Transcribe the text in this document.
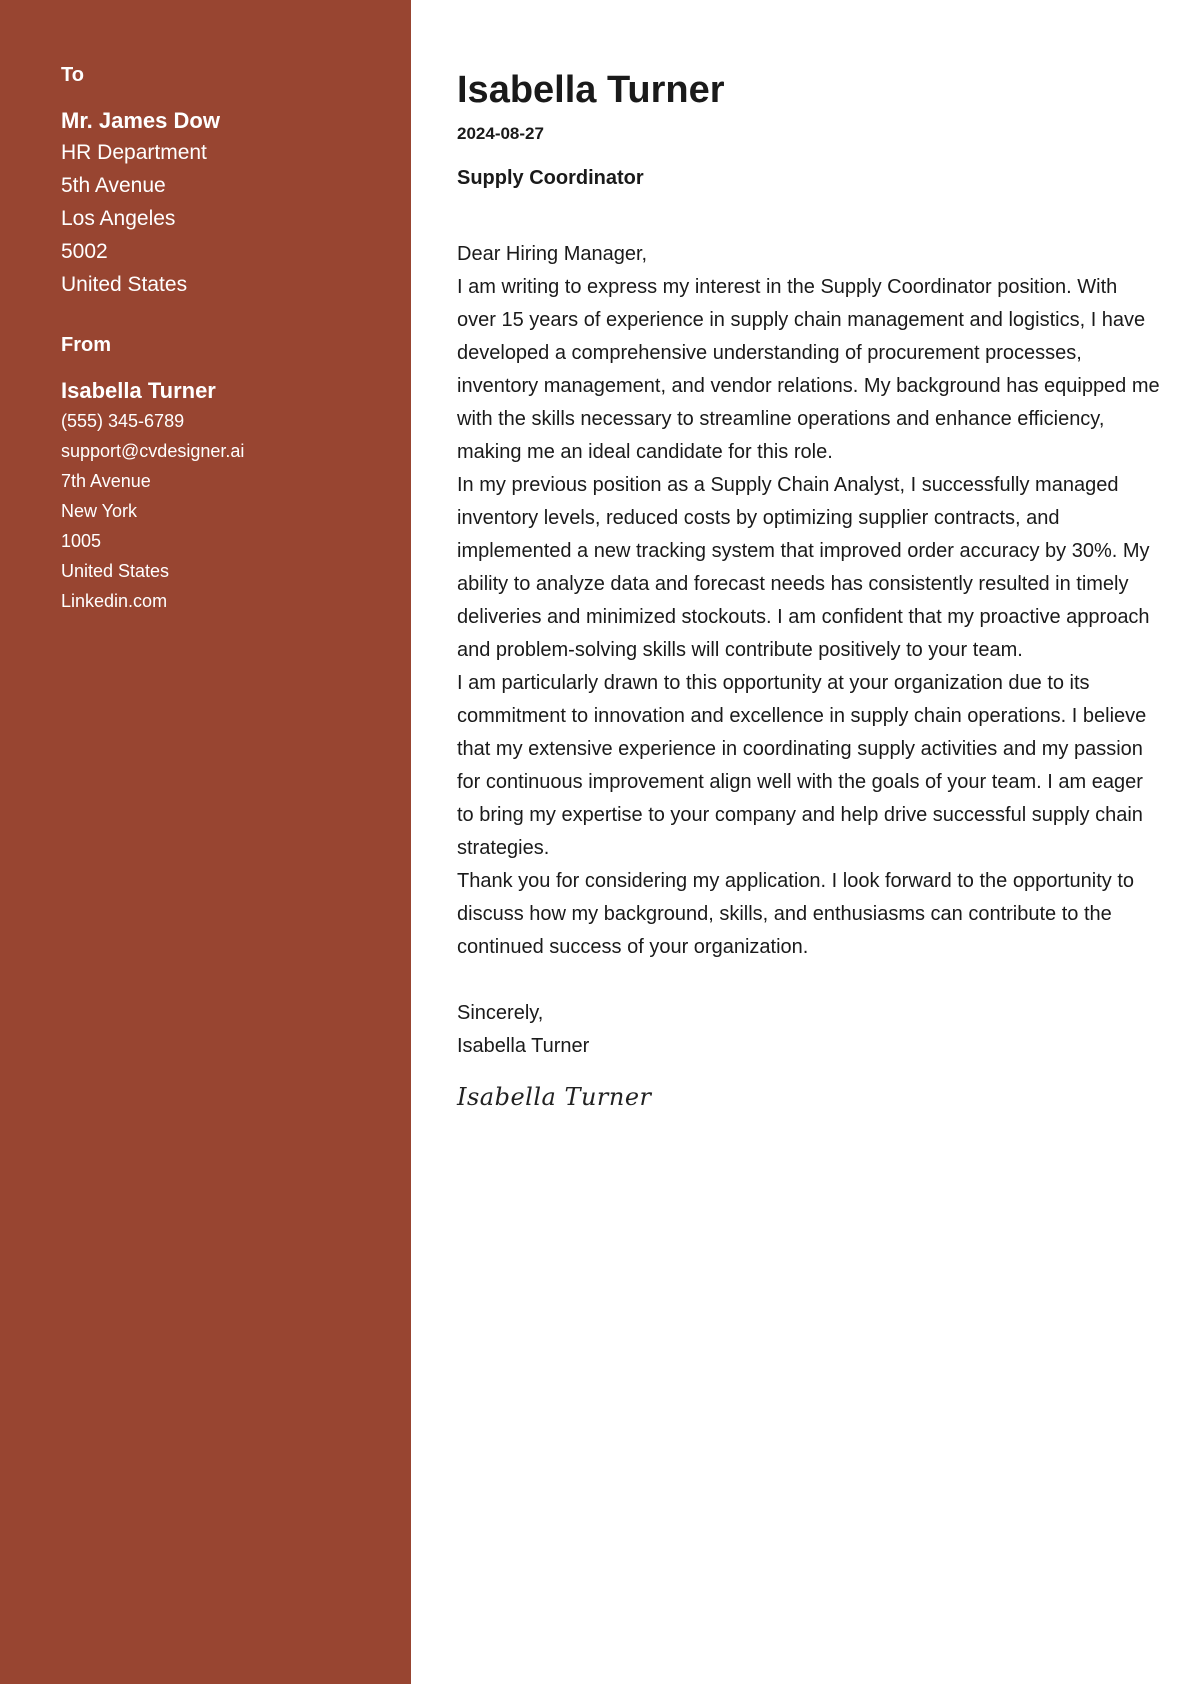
To
Mr. James Dow
HR Department
5th Avenue
Los Angeles
5002
United States
From
Isabella Turner
(555) 345-6789
support@cvdesigner.ai
7th Avenue
New York
1005
United States
Linkedin.com
Isabella Turner
2024-08-27
Supply Coordinator
Dear Hiring Manager,

I am writing to express my interest in the Supply Coordinator position. With over 15 years of experience in supply chain management and logistics, I have developed a comprehensive understanding of procurement processes, inventory management, and vendor relations. My background has equipped me with the skills necessary to streamline operations and enhance efficiency, making me an ideal candidate for this role.

In my previous position as a Supply Chain Analyst, I successfully managed inventory levels, reduced costs by optimizing supplier contracts, and implemented a new tracking system that improved order accuracy by 30%. My ability to analyze data and forecast needs has consistently resulted in timely deliveries and minimized stockouts. I am confident that my proactive approach and problem-solving skills will contribute positively to your team.

I am particularly drawn to this opportunity at your organization due to its commitment to innovation and excellence in supply chain operations. I believe that my extensive experience in coordinating supply activities and my passion for continuous improvement align well with the goals of your team. I am eager to bring my expertise to your company and help drive successful supply chain strategies.

Thank you for considering my application. I look forward to the opportunity to discuss how my background, skills, and enthusiasms can contribute to the continued success of your organization.

Sincerely,
Isabella Turner
Isabella Turner
